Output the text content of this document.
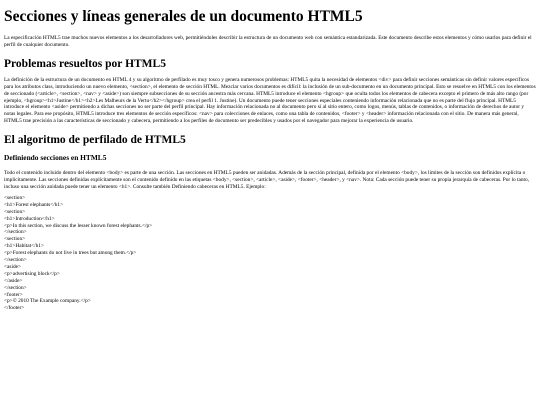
Secciones y líneas generales de un documento HTML5

La especificación HTML5 trae muchos nuevos elementos a los desarrolladores web, permitiéndoles describir la estructura de un documento web con semántica estandarizada. Este documento describe estos elementos y cómo usarlos para definir el perfil de cualquier documento.

Problemas resueltos por HTML5

La definición de la estructura de un documento en HTML 4 y su algoritmo de perfilado es muy tosco y genera numerosos problemas: HTML5 quita la necesidad de elementos <div> para definir secciones semánticas sin definir valores específicos para los atributos class, introduciendo un nuevo elemento, <section>, el elemento de sección HTML. Mezclar varios documentos es difícil: la inclusión de un sub-documento en un documento principal. Esto se resuelve en HTML5 con los elementos de seccionado (<article>, <section>, <nav> y <aside>) son siempre subsecciones de su sección ancestra más cercana. HTML5 introduce el elemento <hgroup> que oculta todos los elementos de cabecera excepto el primero de más alto rango (por ejemplo, <hgroup><h1>Justine</h1><h2>Les Malheurs de la Vertu</h2></hgroup> crea el perfil 1. Justine). Un documento puede tener secciones especiales conteniendo información relacionada que no es parte del flujo principal. HTML5 introduce el elemento <aside> permitiendo a dichas secciones no ser parte del perfil principal. Hay información relacionada no al documento pero sí al sitio entero, como logos, menús, tablas de contenidos, o información de derechos de autor y notas legales. Para ese propósito, HTML5 introduce tres elementos de sección específicos: <nav> para colecciones de enlaces, como una tabla de contenidos, <footer> y <header> información relacionada con el sitio. De manera más general, HTML5 trae precisión a las características de seccionado y cabecera, permitiendo a los perfiles de documento ser predecibles y usados por el navegador para mejorar la experiencia de usuario.

El algoritmo de perfilado de HTML5
Definiendo secciones en HTML5

Todo el contenido incluido dentro del elemento <body> es parte de una sección. Las secciones en HTML5 pueden ser anidadas. Además de la sección principal, definida por el elemento <body>, los límites de la sección son definidos explícita o implícitamente. Las secciones definidas explícitamente son el contenido definido en las etiquetas <body>, <section>, <article>, <aside>, <footer>, <header>, y <nav>. Nota: Cada sección puede tener su propia jerarquía de cabeceras. Por lo tanto, incluso una sección anidada puede tener un elemento <h1>. Consulte también Definiendo cabeceras en HTML5. Ejemplo:

<section>
<h1>Forest elephants</h1>
<section>
<h1>Introduction</h1>
<p>In this section, we discuss the lesser known forest elephants.</p>
</section>
<section>
<h1>Habitat</h1>
<p>Forest elephants do not live in trees but among them.</p>
</section>
<aside>
<p>advertising block</p>
</aside>
</section>
<footer>
<p>© 2010 The Example company.</p>
</footer>
